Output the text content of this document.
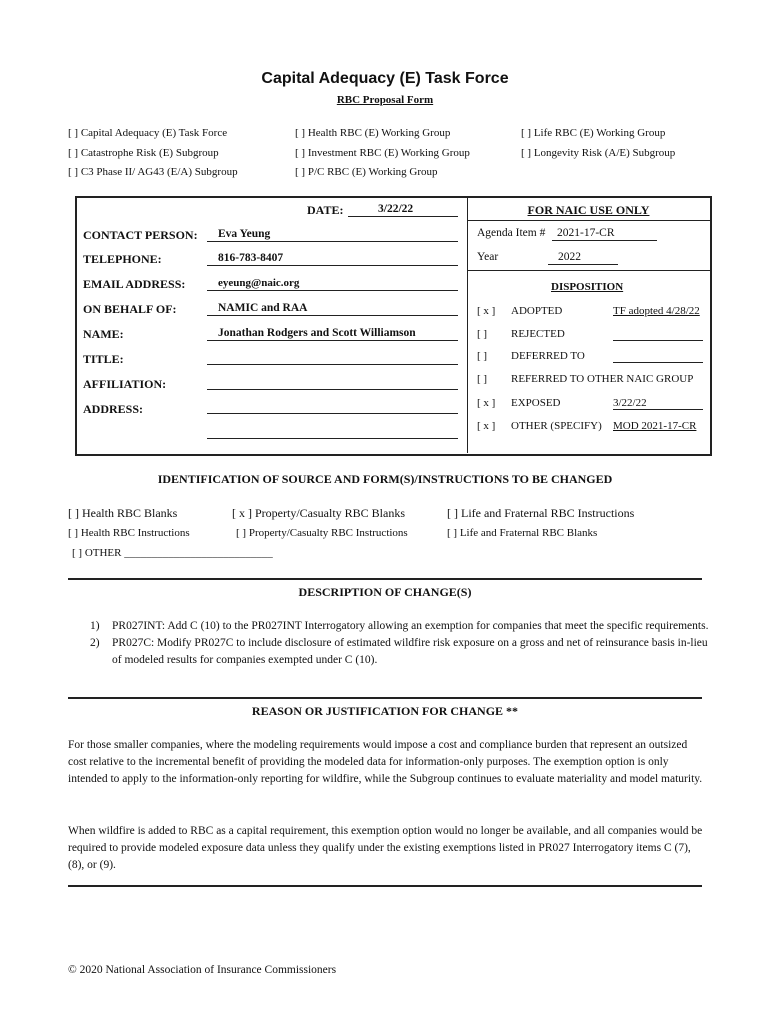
Capital Adequacy (E) Task Force
RBC Proposal Form
[ ] Capital Adequacy (E) Task Force	[ ] Health RBC (E) Working Group	[ ] Life RBC (E) Working Group
[ ] Catastrophe Risk (E) Subgroup	[ ] Investment RBC (E) Working Group	[ ] Longevity Risk (A/E) Subgroup
[ ] C3 Phase II/ AG43 (E/A) Subgroup	[ ] P/C RBC (E) Working Group
DATE:	3/22/22
CONTACT PERSON: Eva Yeung
TELEPHONE:	816-783-8407
EMAIL ADDRESS:	eyeung@naic.org
ON BEHALF OF:	NAMIC and RAA
NAME:	Jonathan Rodgers and Scott Williamson
TITLE:
AFFILIATION:
ADDRESS:
FOR NAIC USE ONLY
Agenda Item # 2021-17-CR
Year	2022
DISPOSITION
[ x ] ADOPTED	TF adopted 4/28/22
[ ] REJECTED
[ ] DEFERRED TO
[ ] REFERRED TO OTHER NAIC GROUP
[ x ] EXPOSED	3/22/22
[ x ] OTHER (SPECIFY) MOD 2021-17-CR
IDENTIFICATION OF SOURCE AND FORM(S)/INSTRUCTIONS TO BE CHANGED
[ ] Health RBC Blanks	[ x ] Property/Casualty RBC Blanks	[ ] Life and Fraternal RBC Instructions
[ ] Health RBC Instructions	[ ] Property/Casualty RBC Instructions	[ ] Life and Fraternal RBC Blanks
[ ] OTHER ___________________________
DESCRIPTION OF CHANGE(S)
1)	PR027INT: Add C (10) to the PR027INT Interrogatory allowing an exemption for companies that meet the specific requirements.
2)	PR027C: Modify PR027C to include disclosure of estimated wildfire risk exposure on a gross and net of reinsurance basis in-lieu of modeled results for companies exempted under C (10).
REASON OR JUSTIFICATION FOR CHANGE **
For those smaller companies, where the modeling requirements would impose a cost and compliance burden that represent an outsized cost relative to the incremental benefit of providing the modeled data for information-only purposes. The exemption option is only intended to apply to the information-only reporting for wildfire, while the Subgroup continues to evaluate materiality and model maturity.
When wildfire is added to RBC as a capital requirement, this exemption option would no longer be available, and all companies would be required to provide modeled exposure data unless they qualify under the existing exemptions listed in PR027 Interrogatory items C (7), (8), or (9).
© 2020 National Association of Insurance Commissioners
